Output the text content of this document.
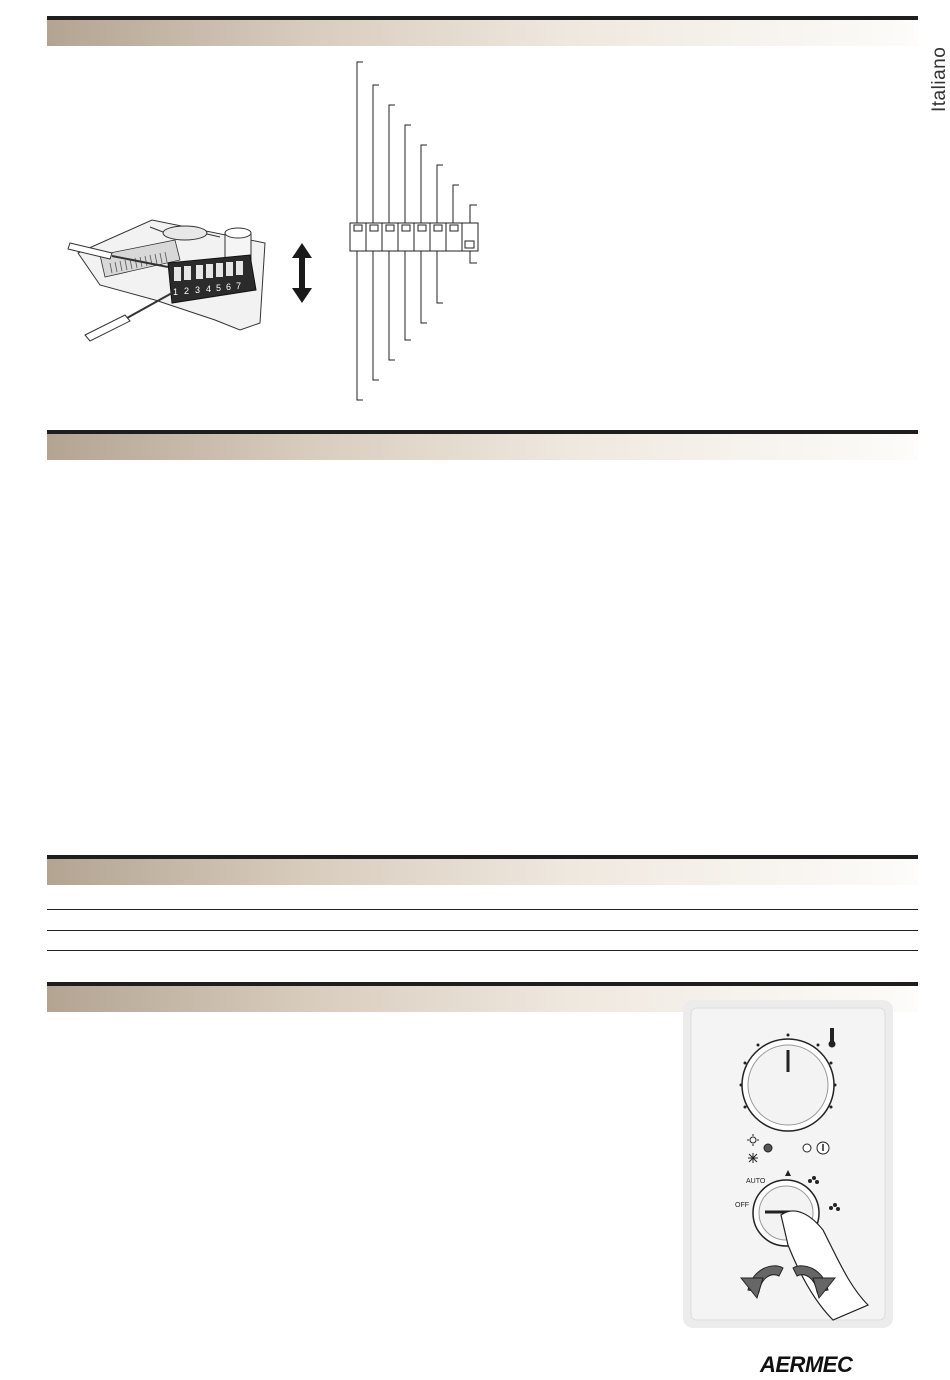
Italiano
1 2 3 4 5 6 7
OFF
AUTO
AERMEC
